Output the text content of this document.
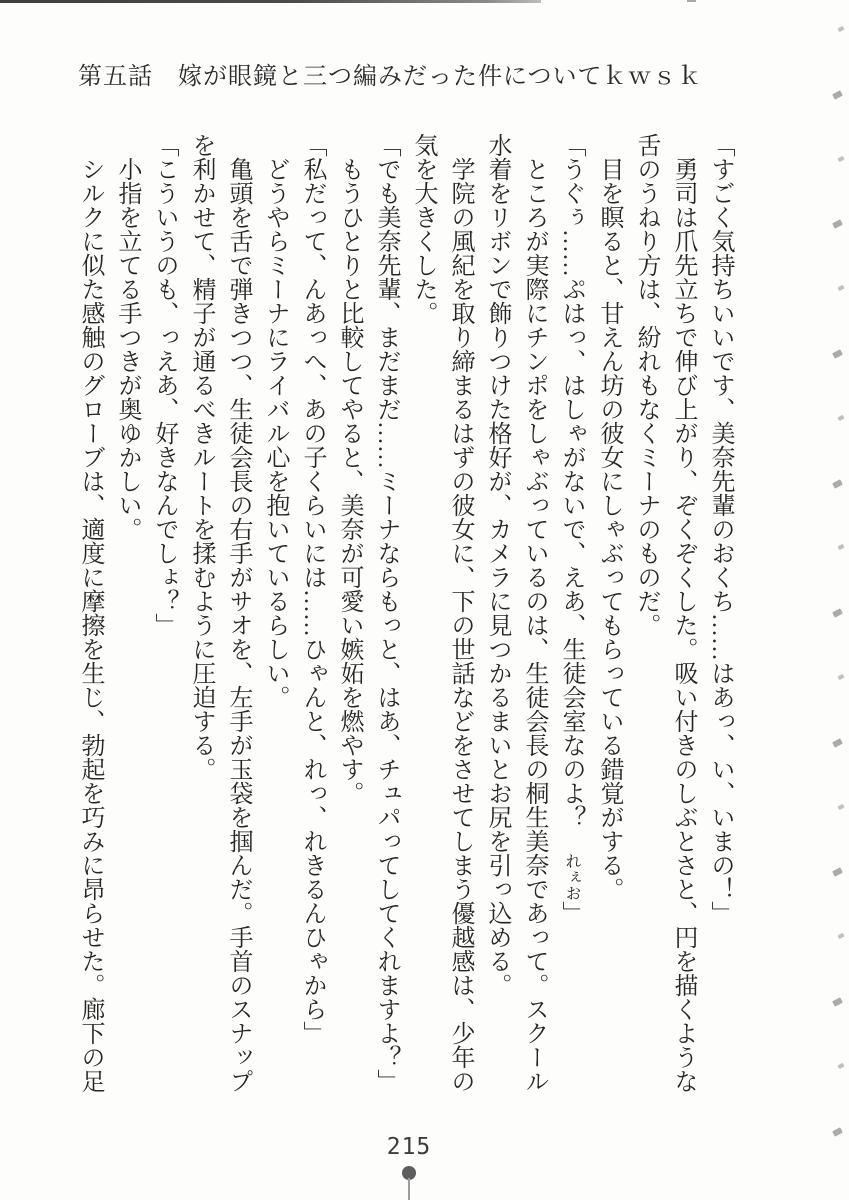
第五話　嫁が眼鏡と三つ編みだった件についてｋｗｓｋ
「すごく気持ちいいです、美奈先輩のおくち……はあっ、い、いまの！」
勇司は爪先立ちで伸び上がり、ぞくぞくした。吸い付きのしぶとさと、円を描くような
舌のうねり方は、紛れもなくミーナのものだ。
目を瞑ると、甘えん坊の彼女にしゃぶってもらっている錯覚がする。
「うぐぅ……ぷはっ、はしゃがないで、えあ、生徒会室なのよ？　れぇお」
ところが実際にチンポをしゃぶっているのは、生徒会長の桐生美奈であって。スクール
水着をリボンで飾りつけた格好が、カメラに見つかるまいとお尻を引っ込める。
学院の風紀を取り締まるはずの彼女に、下の世話などをさせてしまう優越感は、少年の
気を大きくした。
「でも美奈先輩、まだまだ……ミーナならもっと、はあ、チュパってしてくれますよ？」
もうひとりと比較してやると、美奈が可愛い嫉妬を燃やす。
「私だって、んあっへ、あの子くらいには……ひゃんと、れっ、れきるんひゃから」
どうやらミーナにライバル心を抱いているらしい。
亀頭を舌で弾きつつ、生徒会長の右手がサオを、左手が玉袋を掴んだ。手首のスナップ
を利かせて、精子が通るべきルートを揉むように圧迫する。
「こういうのも、っえあ、好きなんでしょ？」
小指を立てる手つきが奥ゆかしい。
シルクに似た感触のグローブは、適度に摩擦を生じ、勃起を巧みに昂らせた。廊下の足
215
